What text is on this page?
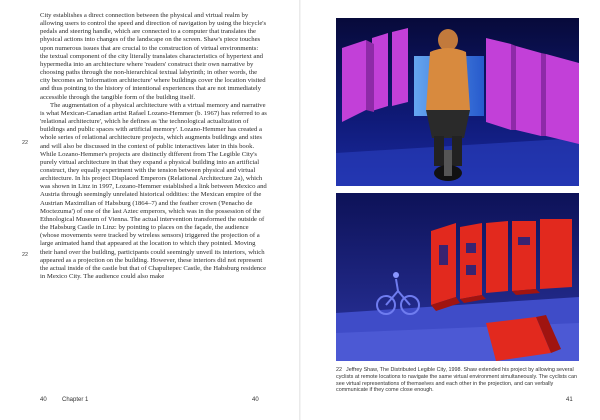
City establishes a direct connection between the physical and virtual realm by allowing users to control the speed and direction of navigation by using the bicycle's pedals and steering handle, which are connected to a computer that translates the physical actions into changes of the landscape on the screen. Shaw's piece touches upon numerous issues that are crucial to the construction of virtual environments: the textual component of the city literally translates characteristics of hypertext and hypermedia into an architecture where 'readers' construct their own narrative by choosing paths through the non-hierarchical textual labyrinth; in other words, the city becomes an 'information architecture' where buildings cover the location visited and thus pointing to the history of intentional experiences that are not immediately accessible through the tangible form of the building itself.

The augmentation of a physical architecture with a virtual memory and narrative is what Mexican-Canadian artist Rafael Lozano-Hemmer (b. 1967) has referred to as 'relational architecture', which he defines as 'the technological actualization of buildings and public spaces with artificial memory'. Lozano-Hemmer has created a whole series of relational architecture projects, which augments buildings and sites and will also be discussed in the context of public interactives later in this book. While Lozano-Hemmer's projects are distinctly different from The Legible City's purely virtual architecture in that they expand a physical building into an artificial construct, they equally experiment with the tension between physical and virtual architecture. In his project Displaced Emperors (Relational Architecture 2a), which was shown in Linz in 1997, Lozano-Hemmer established a link between Mexico and Austria through seemingly unrelated historical oddities: the Mexican empire of the Austrian Maximilian of Habsburg (1864–7) and the feather crown ('Penacho de Moctezuma') of one of the last Aztec emperors, which was in the possession of the Ethnological Museum of Vienna. The actual intervention transformed the outside of the Habsburg Castle in Linz: by pointing to places on the façade, the audience (whose movements were tracked by wireless sensors) triggered the projection of a large animated hand that appeared at the location to which they pointed. Moving their hand over the building, participants could seemingly unveil its interiors, which appeared as a projection on the building. However, these interiors did not represent the actual inside of the castle but that of Chapultepec Castle, the Habsburg residence in Mexico City. The audience could also make

22
22
40	Chapter 1	40
22 Jeffrey Shaw, The Distributed Legible City, 1998. Shaw extended his project by allowing several cyclists at remote locations to navigate the same virtual environment simultaneously. The cyclists can see virtual representations of themselves and each other in the projection, and can verbally communicate if they come close enough.
41
